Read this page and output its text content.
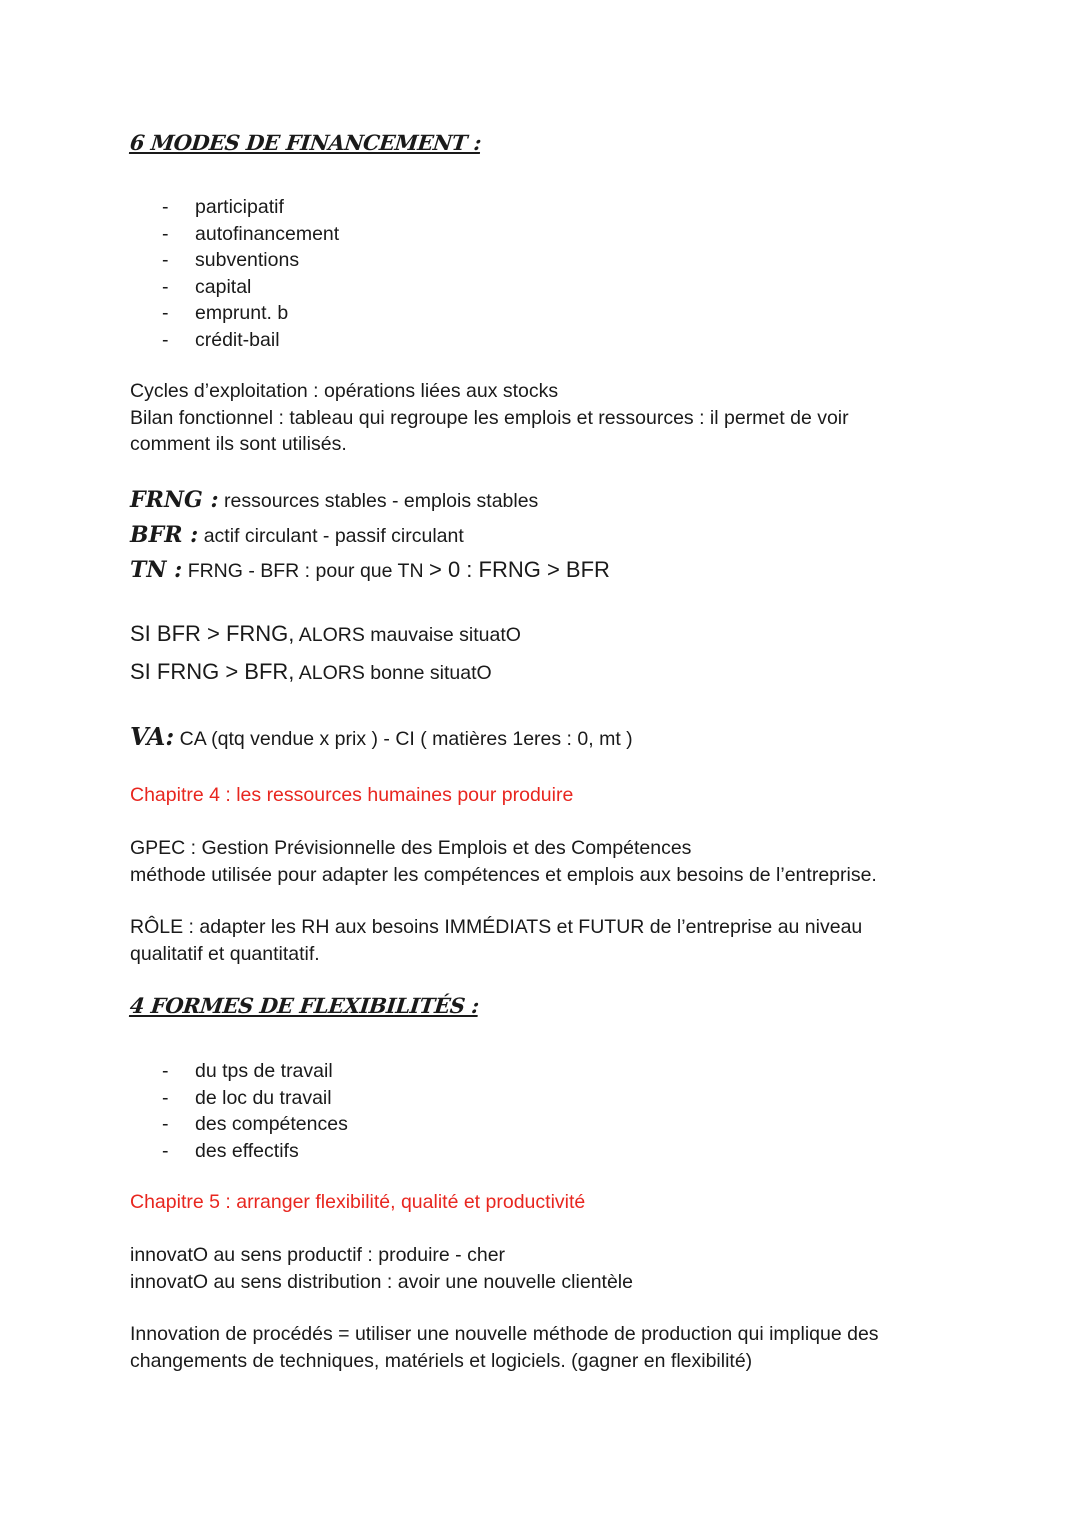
6 MODES DE FINANCEMENT :
- participatif
- autofinancement
- subventions
- capital
- emprunt. b
- crédit-bail
Cycles d’exploitation : opérations liées aux stocks
Bilan fonctionnel : tableau qui regroupe les emplois et ressources : il permet de voir
comment ils sont utilisés.
FRNG : ressources stables - emplois stables
BFR : actif circulant - passif circulant
TN : FRNG - BFR : pour que TN > 0 : FRNG > BFR
SI BFR > FRNG, ALORS mauvaise situatO
SI FRNG > BFR, ALORS bonne situatO
VA: CA (qtq vendue x prix ) - CI ( matières 1eres : 0, mt )
Chapitre 4 : les ressources humaines pour produire
GPEC : Gestion Prévisionnelle des Emplois et des Compétences
méthode utilisée pour adapter les compétences et emplois aux besoins de l’entreprise.
RÔLE : adapter les RH aux besoins IMMÉDIATS et FUTUR de l’entreprise au niveau
qualitatif et quantitatif.
4 FORMES DE FLEXIBILITÉS :
- du tps de travail
- de loc du travail
- des compétences
- des effectifs
Chapitre 5 : arranger flexibilité, qualité et productivité
innovatO au sens productif : produire - cher
innovatO au sens distribution : avoir une nouvelle clientèle
Innovation de procédés = utiliser une nouvelle méthode de production qui implique des
changements de techniques, matériels et logiciels. (gagner en flexibilité)
